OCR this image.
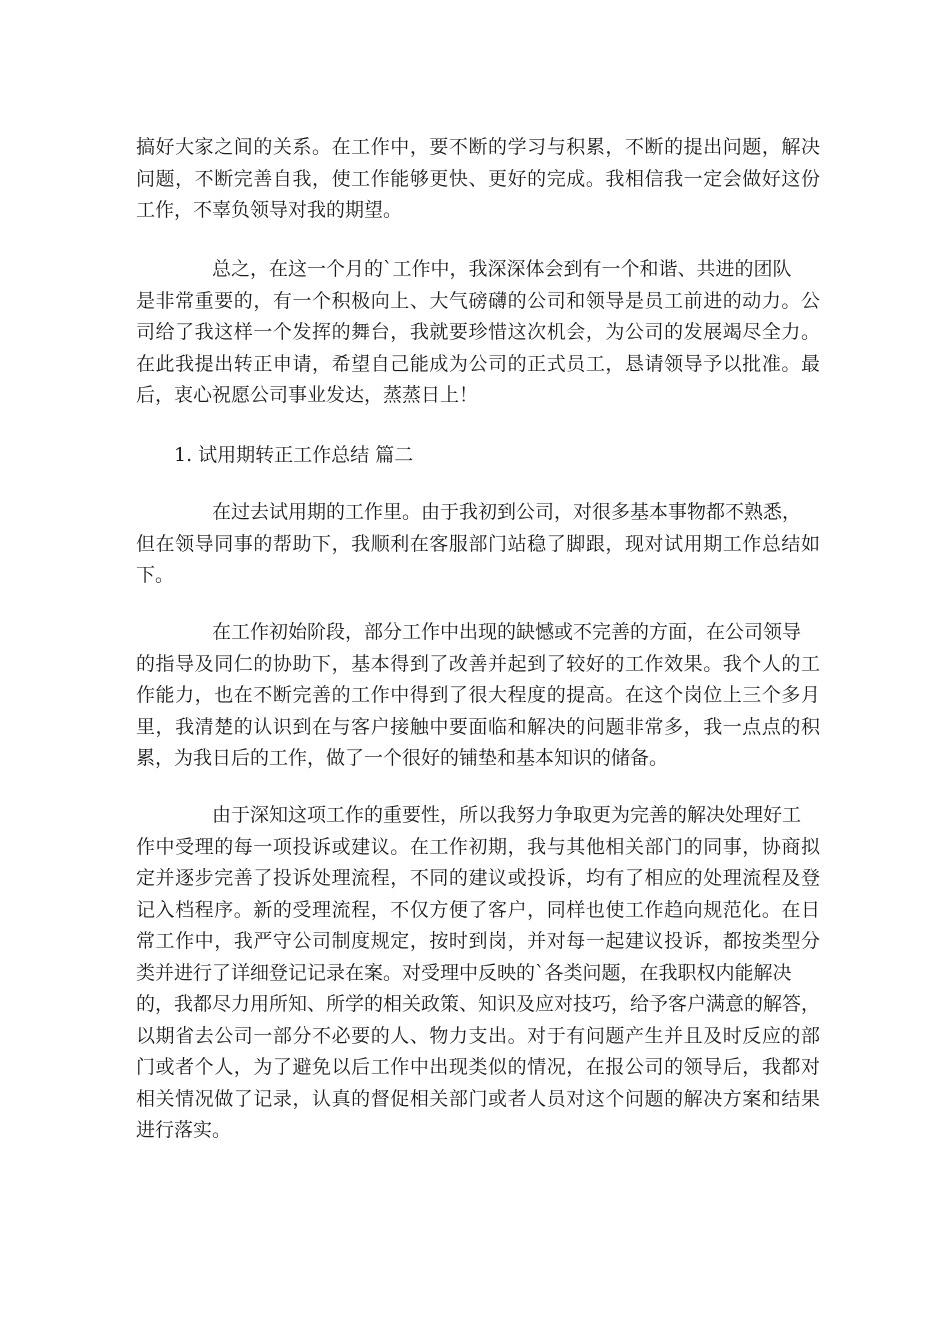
搞好大家之间的关系。在工作中，要不断的学习与积累，不断的提出问题，解决
问题，不断完善自我，使工作能够更快、更好的完成。我相信我一定会做好这份
工作，不辜负领导对我的期望。
总之，在这一个月的`工作中，我深深体会到有一个和谐、共进的团队
是非常重要的，有一个积极向上、大气磅礴的公司和领导是员工前进的动力。公
司给了我这样一个发挥的舞台，我就要珍惜这次机会，为公司的发展竭尽全力。
在此我提出转正申请，希望自己能成为公司的正式员工，恳请领导予以批准。最
后，衷心祝愿公司事业发达，蒸蒸日上！
1. 试用期转正工作总结 篇二
在过去试用期的工作里。由于我初到公司，对很多基本事物都不熟悉，
但在领导同事的帮助下，我顺利在客服部门站稳了脚跟，现对试用期工作总结如
下。
在工作初始阶段，部分工作中出现的缺憾或不完善的方面，在公司领导
的指导及同仁的协助下，基本得到了改善并起到了较好的工作效果。我个人的工
作能力，也在不断完善的工作中得到了很大程度的提高。在这个岗位上三个多月
里，我清楚的认识到在与客户接触中要面临和解决的问题非常多，我一点点的积
累，为我日后的工作，做了一个很好的铺垫和基本知识的储备。
由于深知这项工作的重要性，所以我努力争取更为完善的解决处理好工
作中受理的每一项投诉或建议。在工作初期，我与其他相关部门的同事，协商拟
定并逐步完善了投诉处理流程，不同的建议或投诉，均有了相应的处理流程及登
记入档程序。新的受理流程，不仅方便了客户，同样也使工作趋向规范化。在日
常工作中，我严守公司制度规定，按时到岗，并对每一起建议投诉，都按类型分
类并进行了详细登记记录在案。对受理中反映的`各类问题，在我职权内能解决
的，我都尽力用所知、所学的相关政策、知识及应对技巧，给予客户满意的解答，
以期省去公司一部分不必要的人、物力支出。对于有问题产生并且及时反应的部
门或者个人，为了避免以后工作中出现类似的情况，在报公司的领导后，我都对
相关情况做了记录，认真的督促相关部门或者人员对这个问题的解决方案和结果
进行落实。
